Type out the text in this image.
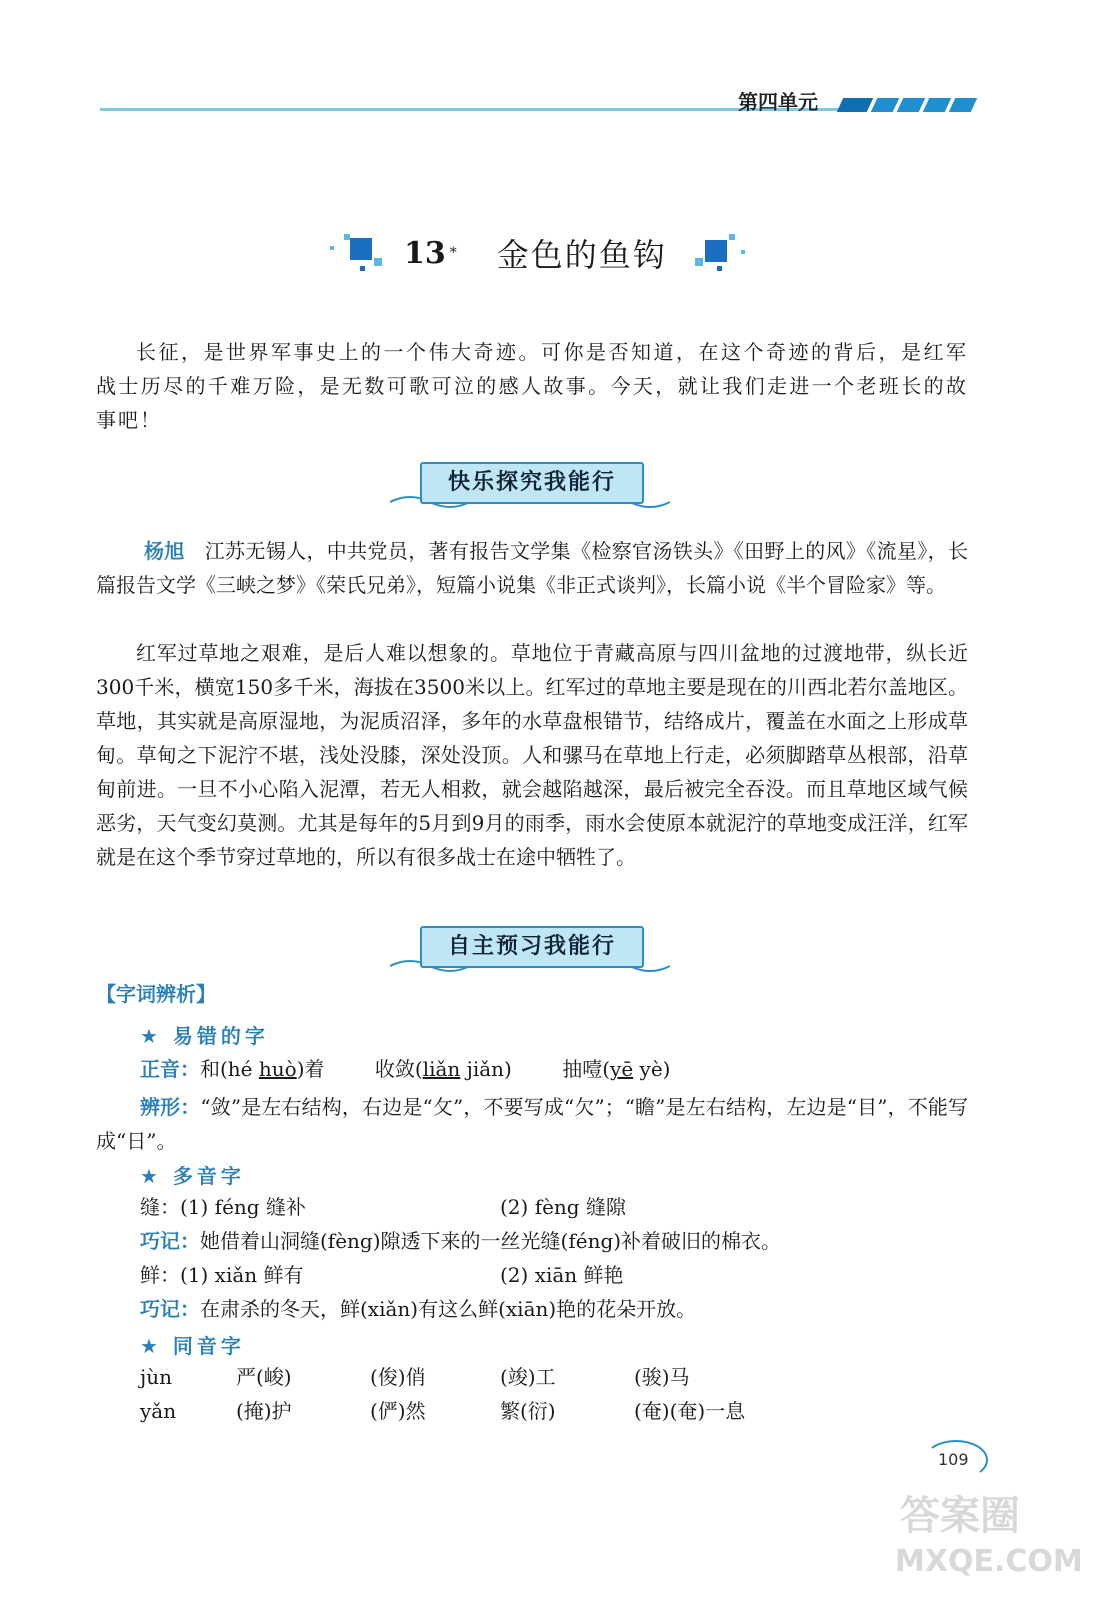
第四单元
13 * 金色的鱼钩
长征，是世界军事史上的一个伟大奇迹。可你是否知道，在这个奇迹的背后，是红军战士历尽的千难万险，是无数可歌可泣的感人故事。今天，就让我们走进一个老班长的故事吧！
快乐探究我能行
杨旭 江苏无锡人，中共党员，著有报告文学集《检察官汤铁头》《田野上的风》《流星》，长篇报告文学《三峡之梦》《荣氏兄弟》，短篇小说集《非正式谈判》，长篇小说《半个冒险家》等。
红军过草地之艰难，是后人难以想象的。草地位于青藏高原与四川盆地的过渡地带，纵长近300千米，横宽150多千米，海拔在3500米以上。红军过的草地主要是现在的川西北若尔盖地区。草地，其实就是高原湿地，为泥质沼泽，多年的水草盘根错节，结络成片，覆盖在水面之上形成草甸。草甸之下泥泞不堪，浅处没膝，深处没顶。人和骡马在草地上行走，必须脚踏草丛根部，沿草甸前进。一旦不小心陷入泥潭，若无人相救，就会越陷越深，最后被完全吞没。而且草地区域气候恶劣，天气变幻莫测。尤其是每年的5月到9月的雨季，雨水会使原本就泥泞的草地变成汪洋，红军就是在这个季节穿过草地的，所以有很多战士在途中牺牲了。
自主预习我能行
【字词辨析】
★ 易错的字
正音：和(hé huò)着	收敛(liǎn jiǎn)	抽噎(yē yè)
辨形：“敛”是左右结构，右边是“攵”，不要写成“欠”；“瞻”是左右结构，左边是“目”，不能写成“日”。
★ 多音字
缝：(1) féng 缝补	(2) fèng 缝隙
巧记：她借着山洞缝(fèng)隙透下来的一丝光缝(féng)补着破旧的棉衣。
鲜：(1) xiǎn 鲜有	(2) xiān 鲜艳
巧记：在肃杀的冬天，鲜(xiǎn)有这么鲜(xiān)艳的花朵开放。
★ 同音字
jùn	严(峻)	(俊)俏	(竣)工	(骏)马
yǎn	(掩)护	(俨)然	繁(衍)	(奄)(奄)一息
109
答案圈
MXQE.COM
